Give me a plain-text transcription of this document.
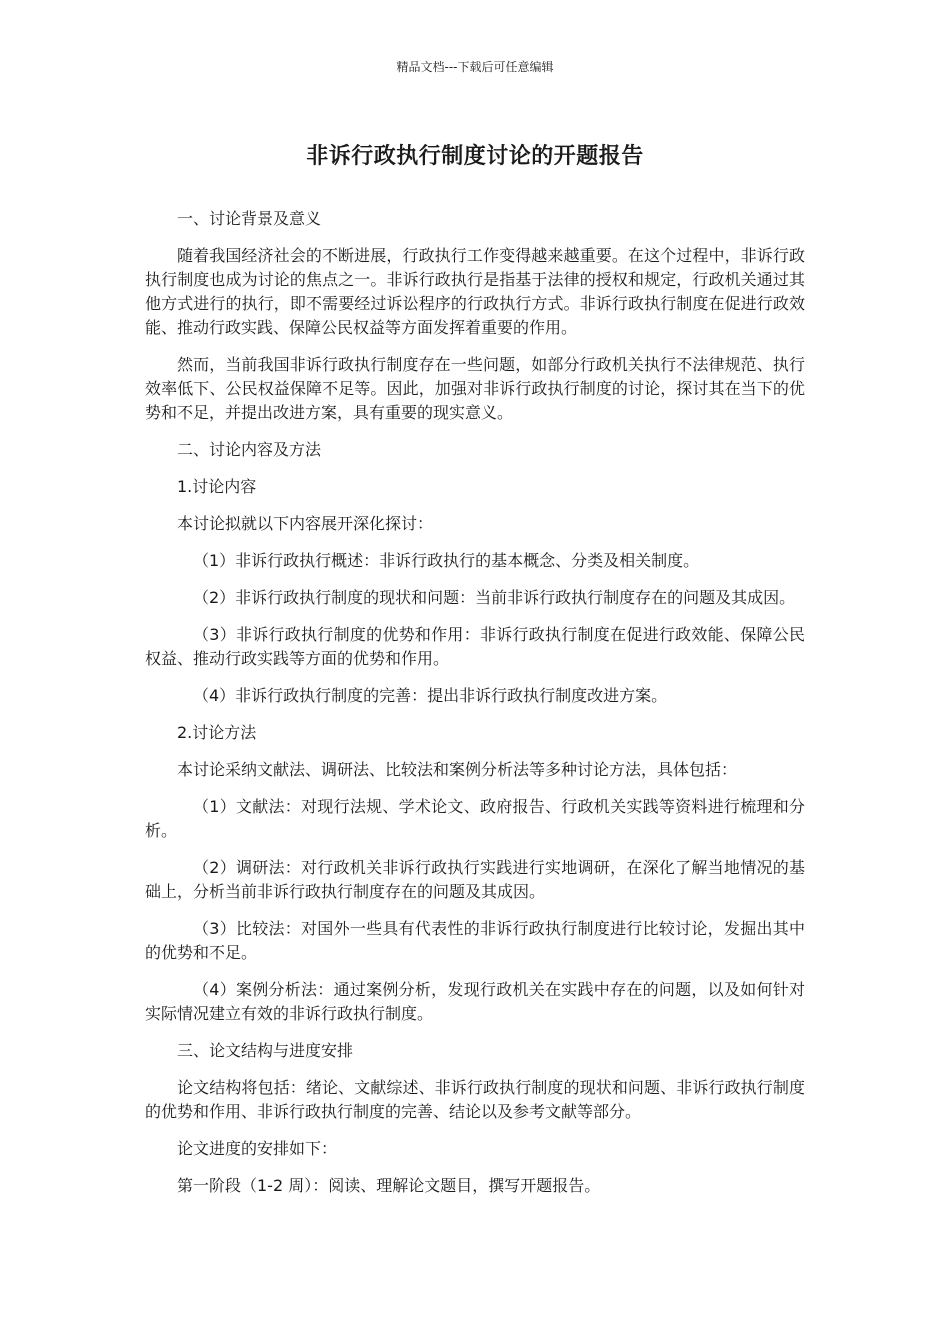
精品文档---下载后可任意编辑
非诉行政执行制度讨论的开题报告

一、讨论背景及意义

随着我国经济社会的不断进展，行政执行工作变得越来越重要。在这个过程中，非诉行政执行制度也成为讨论的焦点之一。非诉行政执行是指基于法律的授权和规定，行政机关通过其他方式进行的执行，即不需要经过诉讼程序的行政执行方式。非诉行政执行制度在促进行政效能、推动行政实践、保障公民权益等方面发挥着重要的作用。

然而，当前我国非诉行政执行制度存在一些问题，如部分行政机关执行不法律规范、执行效率低下、公民权益保障不足等。因此，加强对非诉行政执行制度的讨论，探讨其在当下的优势和不足，并提出改进方案，具有重要的现实意义。

二、讨论内容及方法

1.讨论内容

本讨论拟就以下内容展开深化探讨：

（1）非诉行政执行概述：非诉行政执行的基本概念、分类及相关制度。

（2）非诉行政执行制度的现状和问题：当前非诉行政执行制度存在的问题及其成因。

（3）非诉行政执行制度的优势和作用：非诉行政执行制度在促进行政效能、保障公民权益、推动行政实践等方面的优势和作用。

（4）非诉行政执行制度的完善：提出非诉行政执行制度改进方案。

2.讨论方法

本讨论采纳文献法、调研法、比较法和案例分析法等多种讨论方法，具体包括：

（1）文献法：对现行法规、学术论文、政府报告、行政机关实践等资料进行梳理和分析。

（2）调研法：对行政机关非诉行政执行实践进行实地调研，在深化了解当地情况的基础上，分析当前非诉行政执行制度存在的问题及其成因。

（3）比较法：对国外一些具有代表性的非诉行政执行制度进行比较讨论，发掘出其中的优势和不足。

（4）案例分析法：通过案例分析，发现行政机关在实践中存在的问题，以及如何针对实际情况建立有效的非诉行政执行制度。

三、论文结构与进度安排

论文结构将包括：绪论、文献综述、非诉行政执行制度的现状和问题、非诉行政执行制度的优势和作用、非诉行政执行制度的完善、结论以及参考文献等部分。

论文进度的安排如下：

第一阶段（1-2 周）：阅读、理解论文题目，撰写开题报告。
